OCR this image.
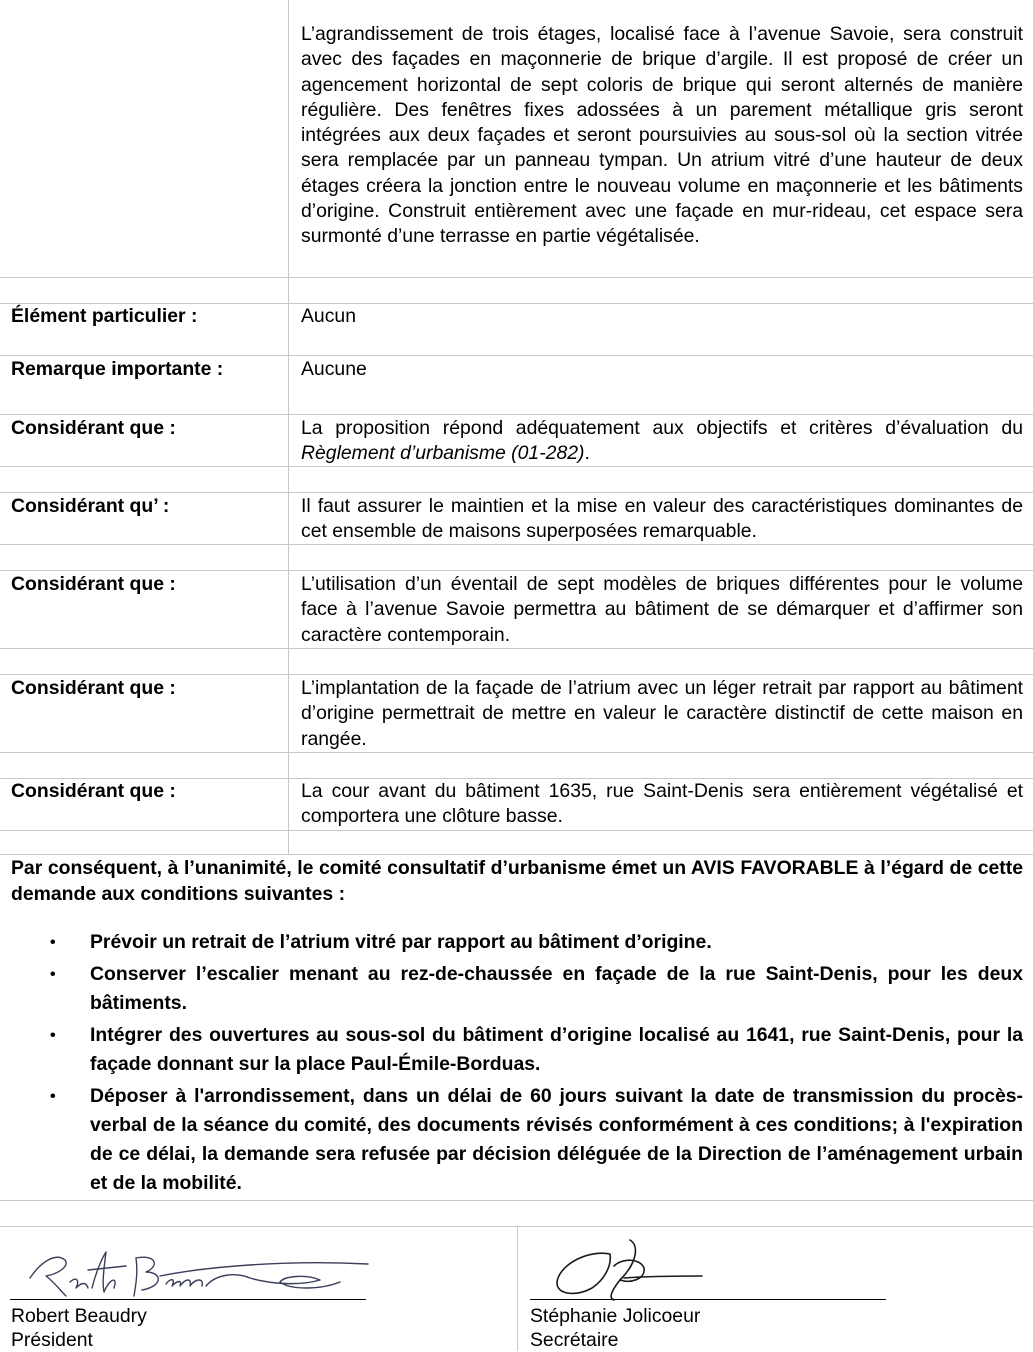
L’agrandissement de trois étages, localisé face à l’avenue Savoie, sera construit avec des façades en maçonnerie de brique d’argile. Il est proposé de créer un agencement horizontal de sept coloris de brique qui seront alternés de manière régulière. Des fenêtres fixes adossées à un parement métallique gris seront intégrées aux deux façades et seront poursuivies au sous-sol où la section vitrée sera remplacée par un panneau tympan. Un atrium vitré d’une hauteur de deux étages créera la jonction entre le nouveau volume en maçonnerie et les bâtiments d’origine. Construit entièrement avec une façade en mur-rideau, cet espace sera surmonté d’une terrasse en partie végétalisée.
Élément particulier :	Aucun
Remarque importante :	Aucune
Considérant que :	La proposition répond adéquatement aux objectifs et critères d’évaluation du Règlement d’urbanisme (01-282).
Considérant qu’ :	Il faut assurer le maintien et la mise en valeur des caractéristiques dominantes de cet ensemble de maisons superposées remarquable.
Considérant que :	L’utilisation d’un éventail de sept modèles de briques différentes pour le volume face à l’avenue Savoie permettra au bâtiment de se démarquer et d’affirmer son caractère contemporain.
Considérant que :	L’implantation de la façade de l’atrium avec un léger retrait par rapport au bâtiment d’origine permettrait de mettre en valeur le caractère distinctif de cette maison en rangée.
Considérant que :	La cour avant du bâtiment 1635, rue Saint-Denis sera entièrement végétalisé et comportera une clôture basse.
Par conséquent, à l’unanimité, le comité consultatif d’urbanisme émet un AVIS FAVORABLE à l’égard de cette demande aux conditions suivantes :
• Prévoir un retrait de l’atrium vitré par rapport au bâtiment d’origine.
• Conserver l’escalier menant au rez-de-chaussée en façade de la rue Saint-Denis, pour les deux bâtiments.
• Intégrer des ouvertures au sous-sol du bâtiment d’origine localisé au 1641, rue Saint-Denis, pour la façade donnant sur la place Paul-Émile-Borduas.
• Déposer à l'arrondissement, dans un délai de 60 jours suivant la date de transmission du procès-verbal de la séance du comité, des documents révisés conformément à ces conditions; à l'expiration de ce délai, la demande sera refusée par décision déléguée de la Direction de l’aménagement urbain et de la mobilité.
Robert Beaudry
Président
Stéphanie Jolicoeur
Secrétaire
